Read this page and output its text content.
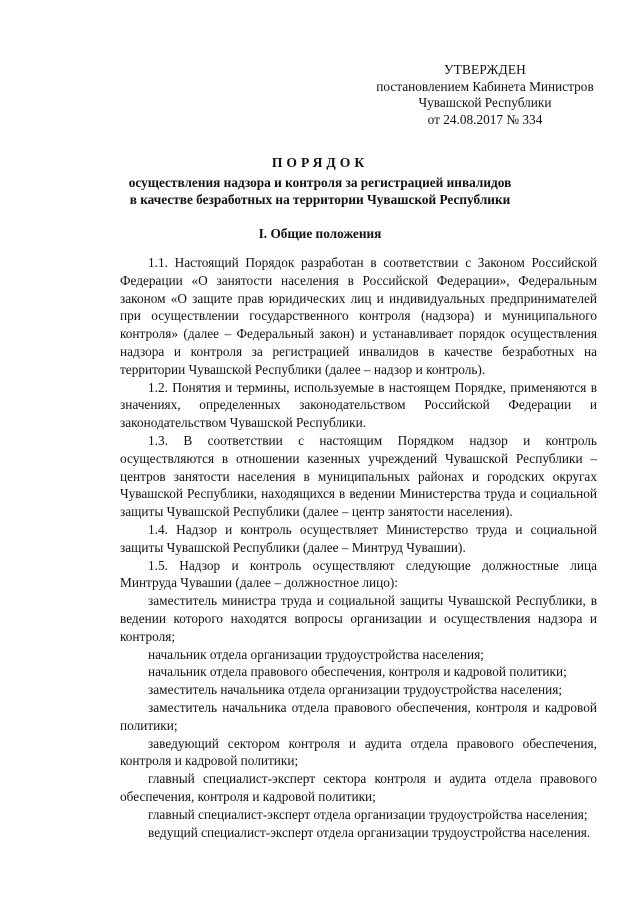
УТВЕРЖДЕН
постановлением Кабинета Министров
Чувашской Республики
от 24.08.2017 № 334
ПОРЯДОК
осуществления надзора и контроля за регистрацией инвалидов
в качестве безработных на территории Чувашской Республики
I. Общие положения

1.1. Настоящий Порядок разработан в соответствии с Законом Российской Федерации «О занятости населения в Российской Федерации», Федеральным законом «О защите прав юридических лиц и индивидуальных предпринимателей при осуществлении государственного контроля (надзора) и муниципального контроля» (далее – Федеральный закон) и устанавливает порядок осуществления надзора и контроля за регистрацией инвалидов в качестве безработных на территории Чувашской Республики (далее – надзор и контроль).

1.2. Понятия и термины, используемые в настоящем Порядке, применяются в значениях, определенных законодательством Российской Федерации и законодательством Чувашской Республики.

1.3. В соответствии с настоящим Порядком надзор и контроль осуществляются в отношении казенных учреждений Чувашской Республики – центров занятости населения в муниципальных районах и городских округах Чувашской Республики, находящихся в ведении Министерства труда и социальной защиты Чувашской Республики (далее – центр занятости населения).

1.4. Надзор и контроль осуществляет Министерство труда и социальной защиты Чувашской Республики (далее – Минтруд Чувашии).

1.5. Надзор и контроль осуществляют следующие должностные лица Минтруда Чувашии (далее – должностное лицо):

заместитель министра труда и социальной защиты Чувашской Республики, в ведении которого находятся вопросы организации и осуществления надзора и контроля;

начальник отдела организации трудоустройства населения;

начальник отдела правового обеспечения, контроля и кадровой политики;

заместитель начальника отдела организации трудоустройства населения;

заместитель начальника отдела правового обеспечения, контроля и кадровой политики;

заведующий сектором контроля и аудита отдела правового обеспечения, контроля и кадровой политики;

главный специалист-эксперт сектора контроля и аудита отдела правового обеспечения, контроля и кадровой политики;

главный специалист-эксперт отдела организации трудоустройства населения;

ведущий специалист-эксперт отдела организации трудоустройства населения.
